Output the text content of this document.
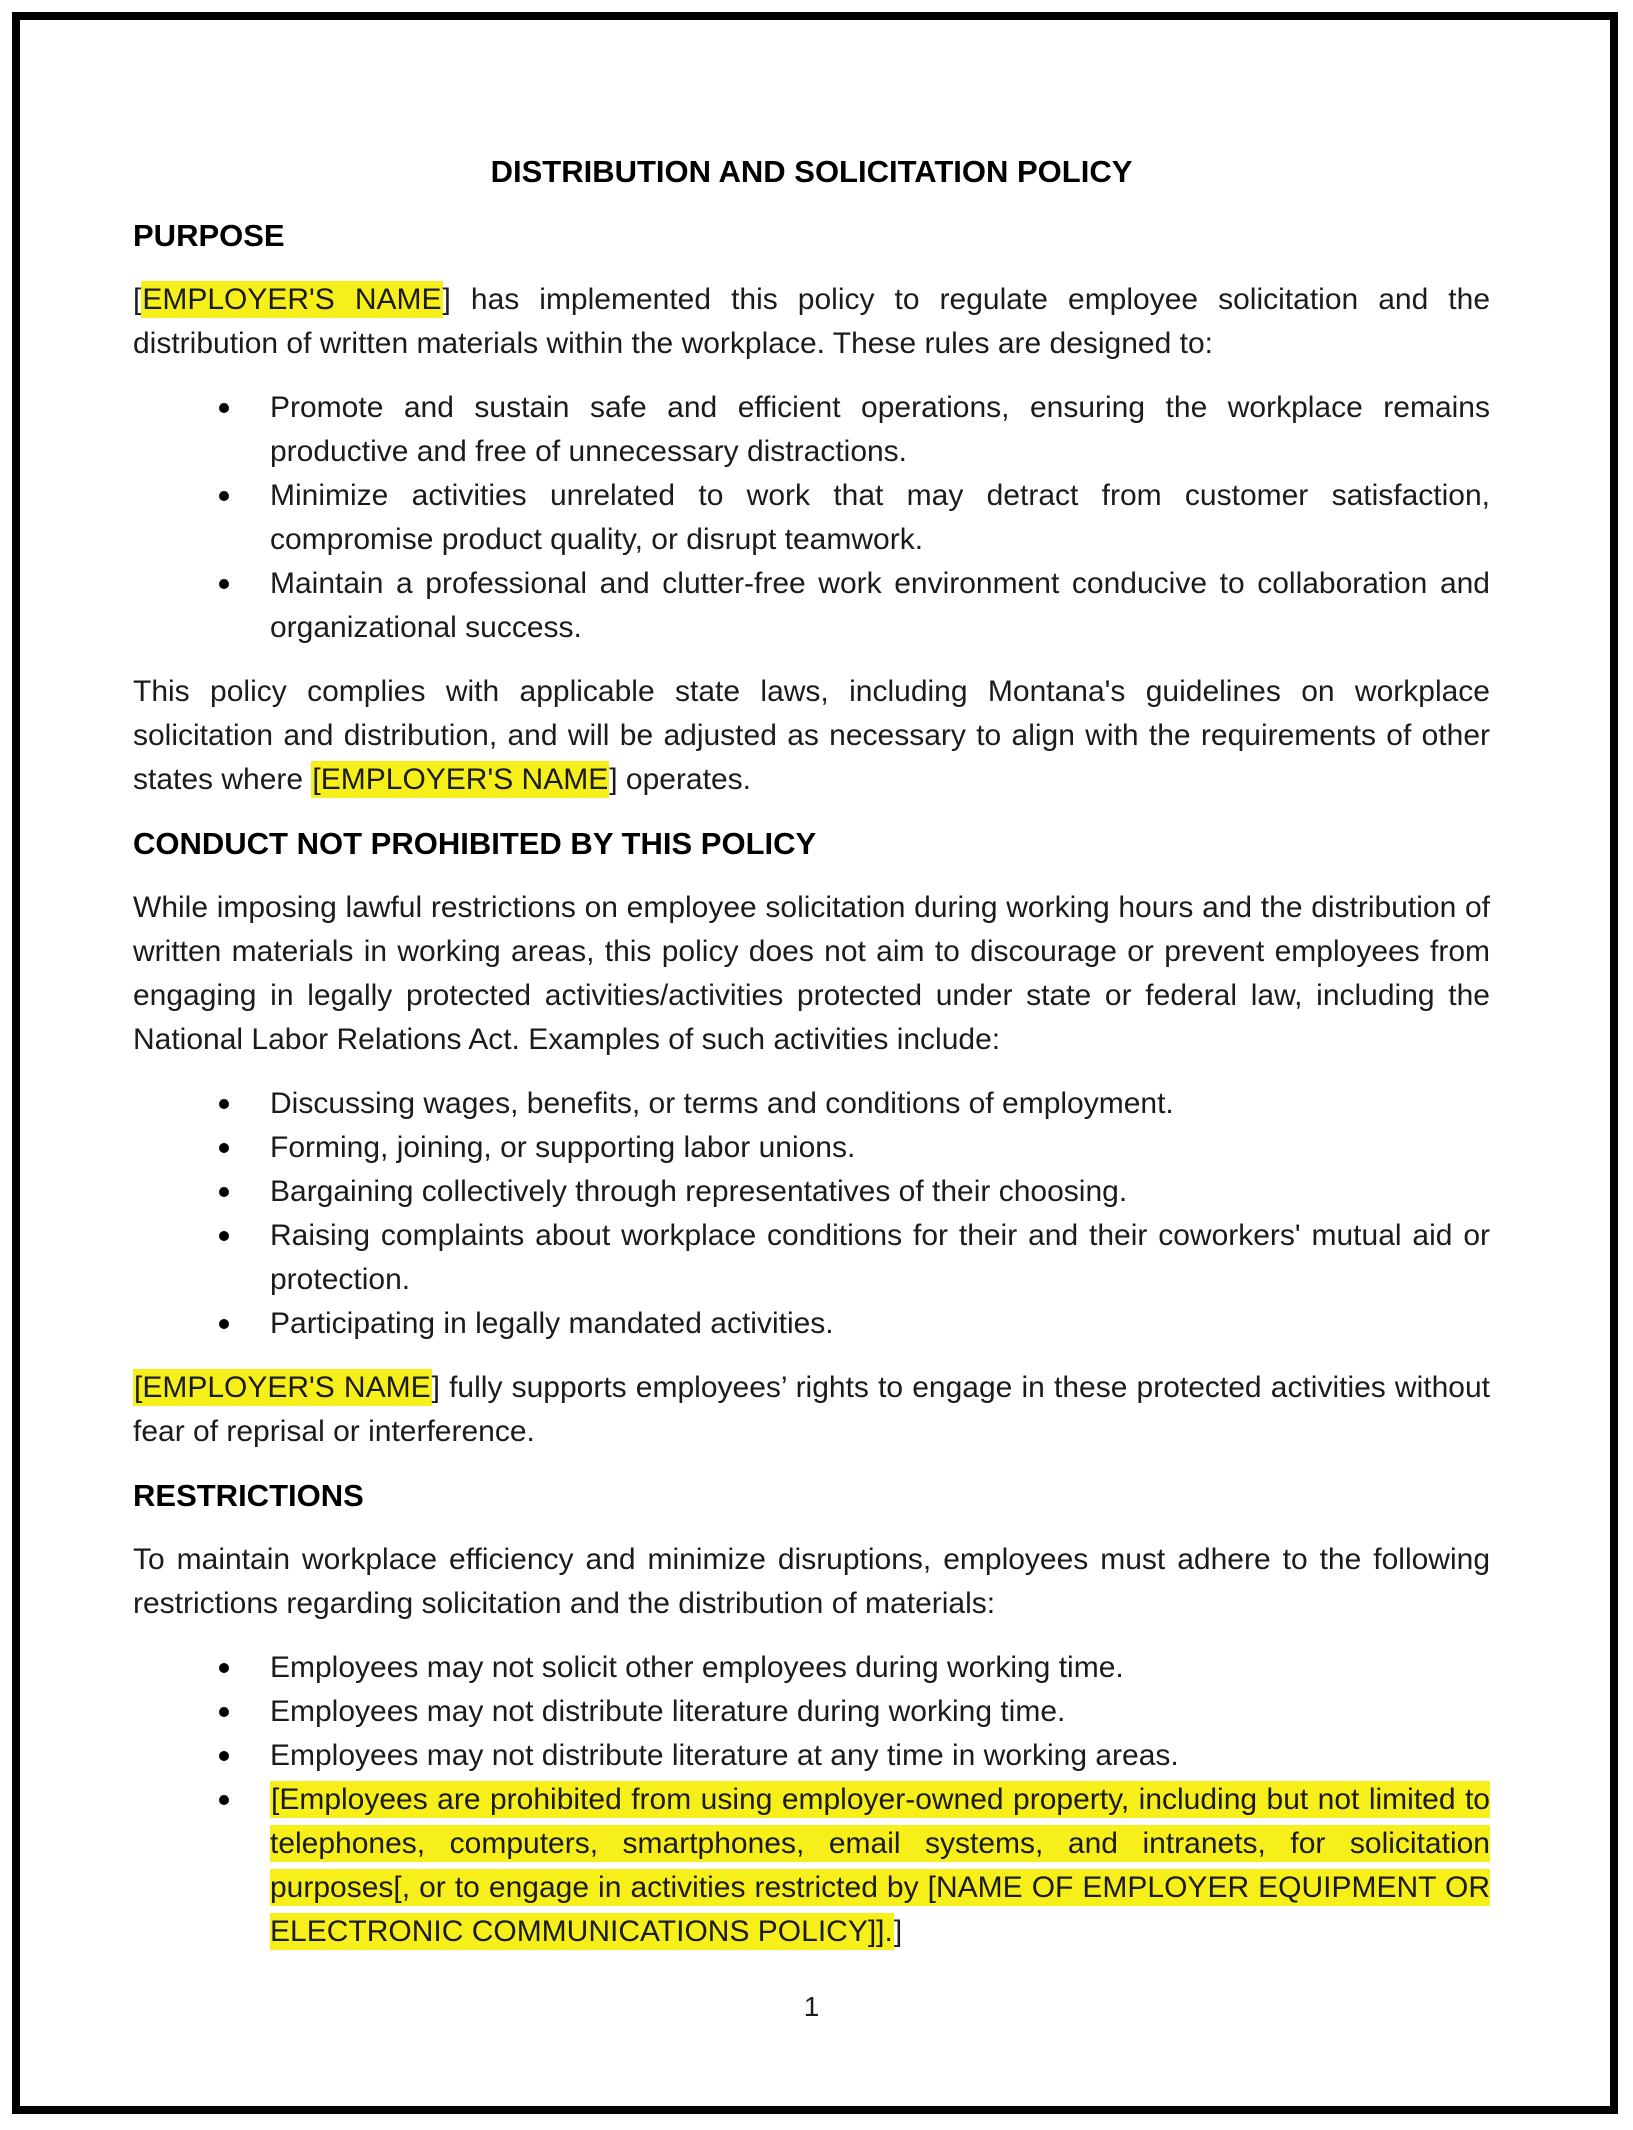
DISTRIBUTION AND SOLICITATION POLICY
PURPOSE

[EMPLOYER'S NAME] has implemented this policy to regulate employee solicitation and the distribution of written materials within the workplace. These rules are designed to:

Promote and sustain safe and efficient operations, ensuring the workplace remains productive and free of unnecessary distractions.
Minimize activities unrelated to work that may detract from customer satisfaction, compromise product quality, or disrupt teamwork.
Maintain a professional and clutter-free work environment conducive to collaboration and organizational success.

This policy complies with applicable state laws, including Montana's guidelines on workplace solicitation and distribution, and will be adjusted as necessary to align with the requirements of other states where [EMPLOYER'S NAME] operates.

CONDUCT NOT PROHIBITED BY THIS POLICY

While imposing lawful restrictions on employee solicitation during working hours and the distribution of written materials in working areas, this policy does not aim to discourage or prevent employees from engaging in legally protected activities/activities protected under state or federal law, including the National Labor Relations Act. Examples of such activities include:

Discussing wages, benefits, or terms and conditions of employment.
Forming, joining, or supporting labor unions.
Bargaining collectively through representatives of their choosing.
Raising complaints about workplace conditions for their and their coworkers' mutual aid or protection.
Participating in legally mandated activities.

[EMPLOYER'S NAME] fully supports employees’ rights to engage in these protected activities without fear of reprisal or interference.

RESTRICTIONS

To maintain workplace efficiency and minimize disruptions, employees must adhere to the following restrictions regarding solicitation and the distribution of materials:

Employees may not solicit other employees during working time.
Employees may not distribute literature during working time.
Employees may not distribute literature at any time in working areas.
[Employees are prohibited from using employer-owned property, including but not limited to telephones, computers, smartphones, email systems, and intranets, for solicitation purposes[, or to engage in activities restricted by [NAME OF EMPLOYER EQUIPMENT OR ELECTRONIC COMMUNICATIONS POLICY]].]
1
